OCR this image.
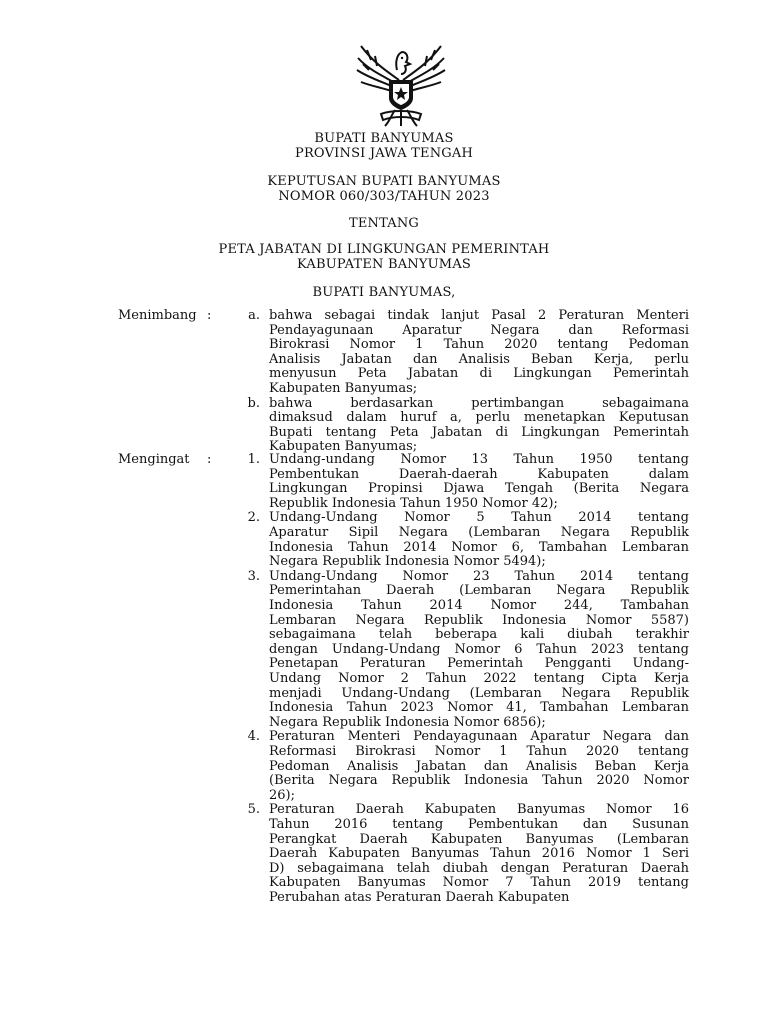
BUPATI BANYUMAS
PROVINSI JAWA TENGAH
KEPUTUSAN BUPATI BANYUMAS
NOMOR 060/303/TAHUN 2023
TENTANG
PETA JABATAN DI LINGKUNGAN PEMERINTAH
KABUPATEN BANYUMAS
BUPATI BANYUMAS,
Menimbang :	a. bahwa sebagai tindak lanjut Pasal 2 Peraturan Menteri
Pendayagunaan Aparatur Negara dan Reformasi
Birokrasi Nomor 1 Tahun 2020 tentang Pedoman
Analisis Jabatan dan Analisis Beban Kerja, perlu
menyusun Peta Jabatan di Lingkungan Pemerintah
Kabupaten Banyumas;
b. bahwa berdasarkan pertimbangan sebagaimana
dimaksud dalam huruf a, perlu menetapkan Keputusan
Bupati tentang Peta Jabatan di Lingkungan Pemerintah
Kabupaten Banyumas;
Mengingat	:	1. Undang-undang Nomor 13 Tahun 1950 tentang
Pembentukan Daerah-daerah Kabupaten dalam
Lingkungan Propinsi Djawa Tengah (Berita Negara
Republik Indonesia Tahun 1950 Nomor 42);
2. Undang-Undang Nomor 5 Tahun 2014 tentang
Aparatur Sipil Negara (Lembaran Negara Republik
Indonesia Tahun 2014 Nomor 6, Tambahan Lembaran
Negara Republik Indonesia Nomor 5494);
3. Undang-Undang Nomor 23 Tahun 2014 tentang
Pemerintahan Daerah (Lembaran Negara Republik
Indonesia Tahun 2014 Nomor 244, Tambahan
Lembaran Negara Republik Indonesia Nomor 5587)
sebagaimana telah beberapa kali diubah terakhir
dengan Undang-Undang Nomor 6 Tahun 2023 tentang
Penetapan Peraturan Pemerintah Pengganti Undang-
Undang Nomor 2 Tahun 2022 tentang Cipta Kerja
menjadi Undang-Undang (Lembaran Negara Republik
Indonesia Tahun 2023 Nomor 41, Tambahan Lembaran
Negara Republik Indonesia Nomor 6856);
4. Peraturan Menteri Pendayagunaan Aparatur Negara dan
Reformasi Birokrasi Nomor 1 Tahun 2020 tentang
Pedoman Analisis Jabatan dan Analisis Beban Kerja
(Berita Negara Republik Indonesia Tahun 2020 Nomor
26);
5. Peraturan Daerah Kabupaten Banyumas Nomor 16
Tahun 2016 tentang Pembentukan dan Susunan
Perangkat Daerah Kabupaten Banyumas (Lembaran
Daerah Kabupaten Banyumas Tahun 2016 Nomor 1 Seri
D) sebagaimana telah diubah dengan Peraturan Daerah
Kabupaten Banyumas Nomor 7 Tahun 2019 tentang
Perubahan atas Peraturan Daerah Kabupaten
